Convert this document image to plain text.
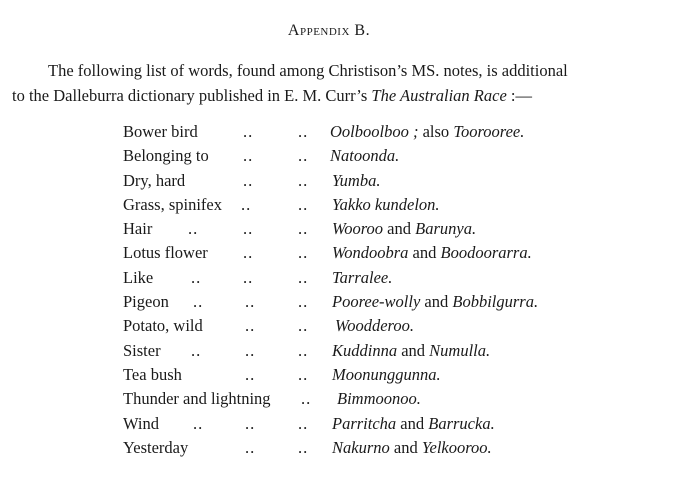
Appendix B.
The following list of words, found among Christison’s MS. notes, is additional
to the Dalleburra dictionary published in E. M. Curr’s The Australian Race :—
Bower bird	..	.. Oolboolboo ; also Toorooree.
Belonging to ..	.. Natoonda.
Dry, hard	..	.. Yumba.
Grass, spinifex ..	.. Yakko kundelon.
Hair ..	..	.. Wooroo and Barunya.
Lotus flower ..	.. Wondoobra and Boodoorarra.
Like ..	..	.. Tarralee.
Pigeon ..	..	.. Pooree-wolly and Bobbilgurra.
Potato, wild	..	.. Woodderoo.
Sister ..	..	.. Kuddinna and Numulla.
Tea bush	..	.. Moonunggunna.
Thunder and lightning .. Bimmoonoo.
Wind ..	..	.. Parritcha and Barrucka.
Yesterday	..	.. Nakurno and Yelkooroo.
